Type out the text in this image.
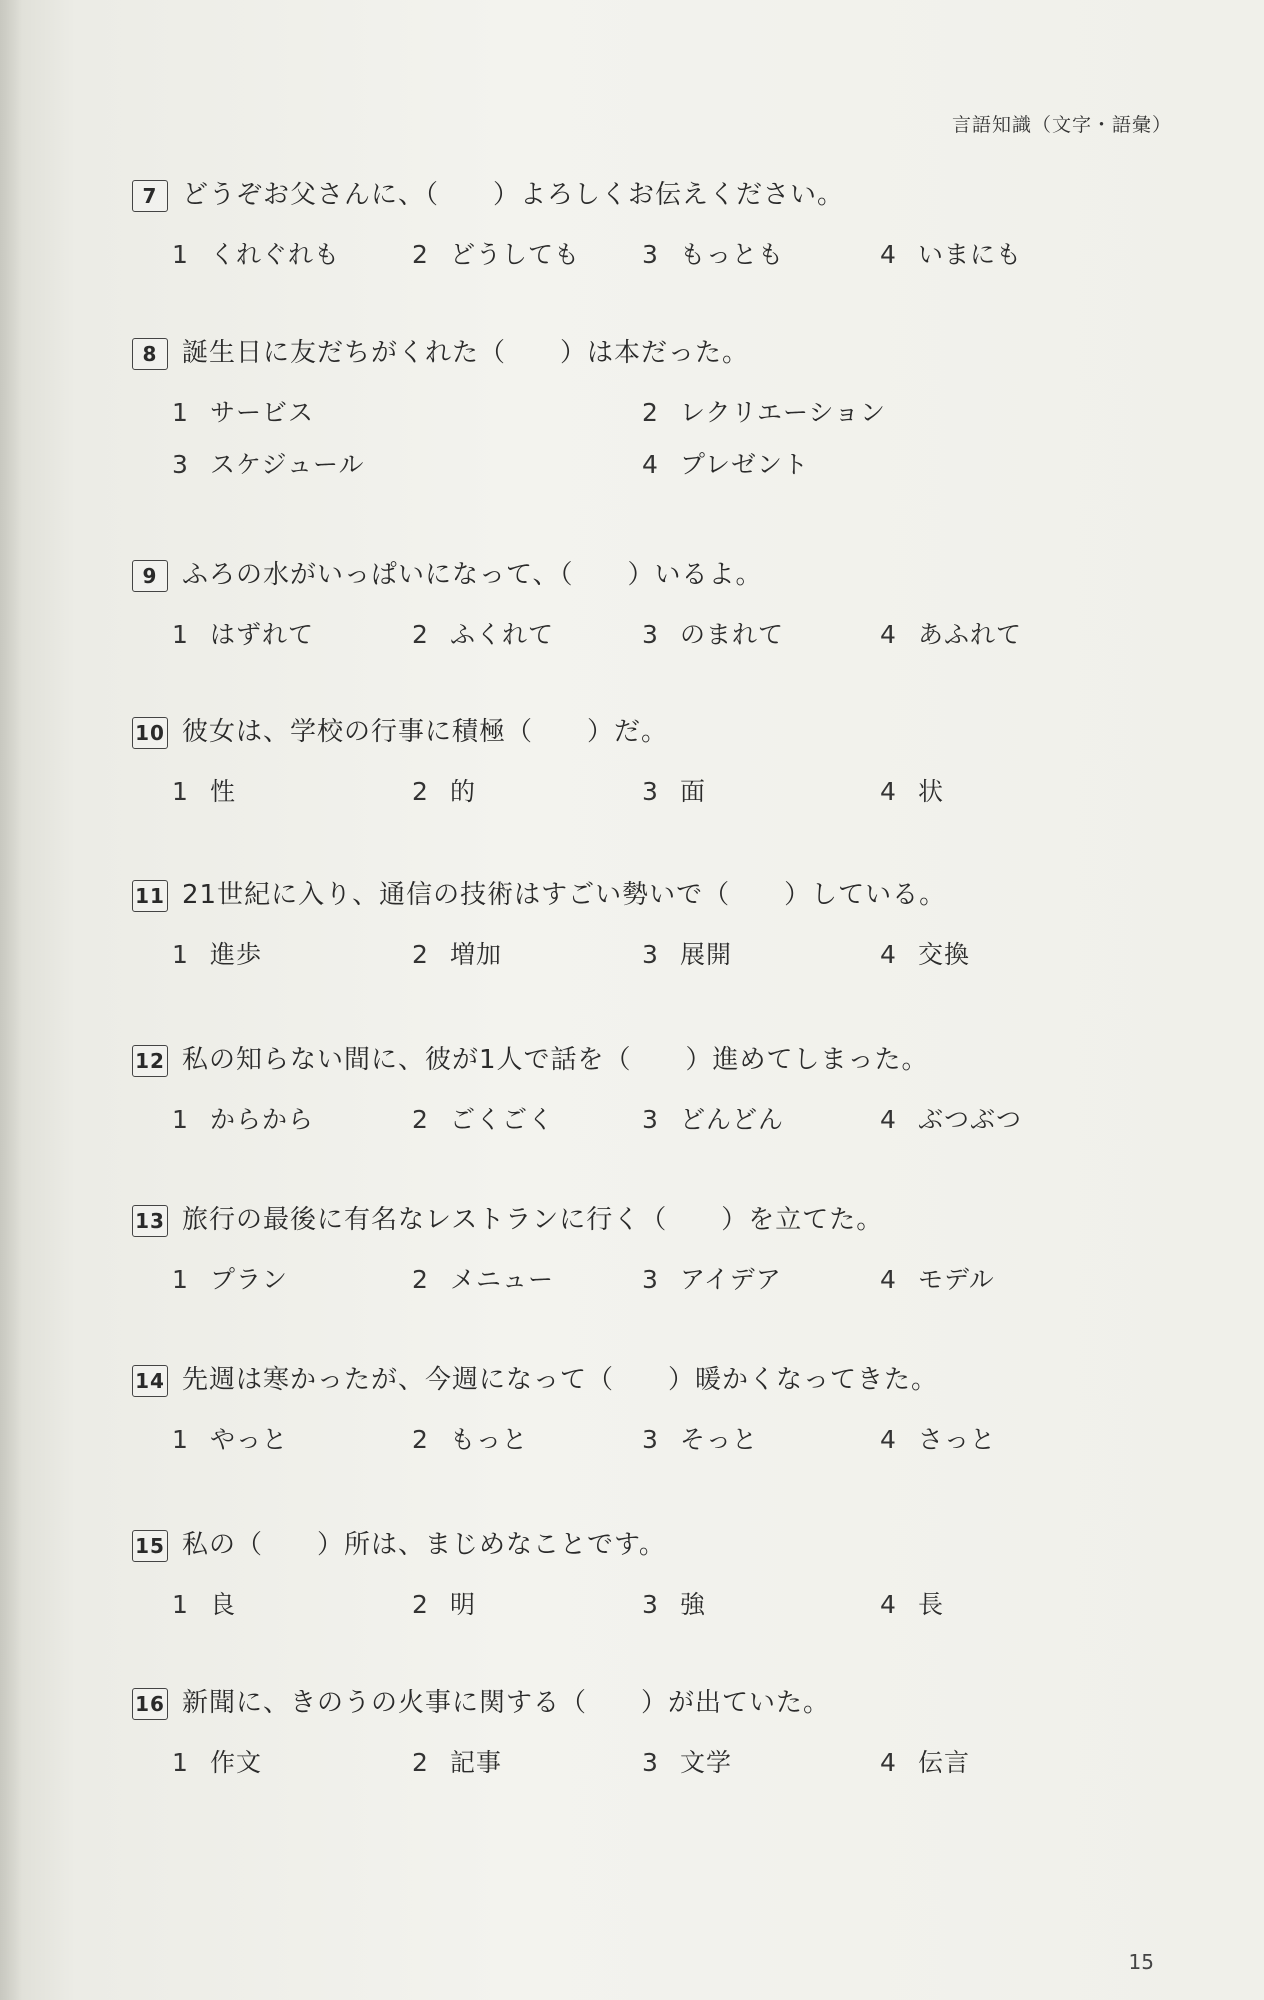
言語知識（文字・語彙）
7 どうぞお父さんに、（　　）よろしくお伝えください。
1 くれぐれも	2 どうしても 3 もっとも	4 いまにも
8 誕生日に友だちがくれた（　　）は本だった。
1 サービス	2 レクリエーション
3 スケジュール	4 プレゼント
9 ふろの水がいっぱいになって、（　　）いるよ。
1 はずれて	2 ふくれて	3 のまれて	4 あふれて
10 彼女は、学校の行事に積極（　　）だ。
1 性	2 的	3 面	4 状
11 21世紀に入り、通信の技術はすごい勢いで（　　）している。
1 進歩	2 増加	3 展開	4 交換
12 私の知らない間に、彼が1人で話を（　　）進めてしまった。
1 からから	2 ごくごく	3 どんどん	4 ぶつぶつ
13 旅行の最後に有名なレストランに行く（　　）を立てた。
1 プラン	2 メニュー	3 アイデア	4 モデル
14 先週は寒かったが、今週になって（　　）暖かくなってきた。
1 やっと	2 もっと	3 そっと	4 さっと
15 私の（　　）所は、まじめなことです。
1 良	2 明	3 強	4 長
16 新聞に、きのうの火事に関する（　　）が出ていた。
1 作文	2 記事	3 文学	4 伝言
15
